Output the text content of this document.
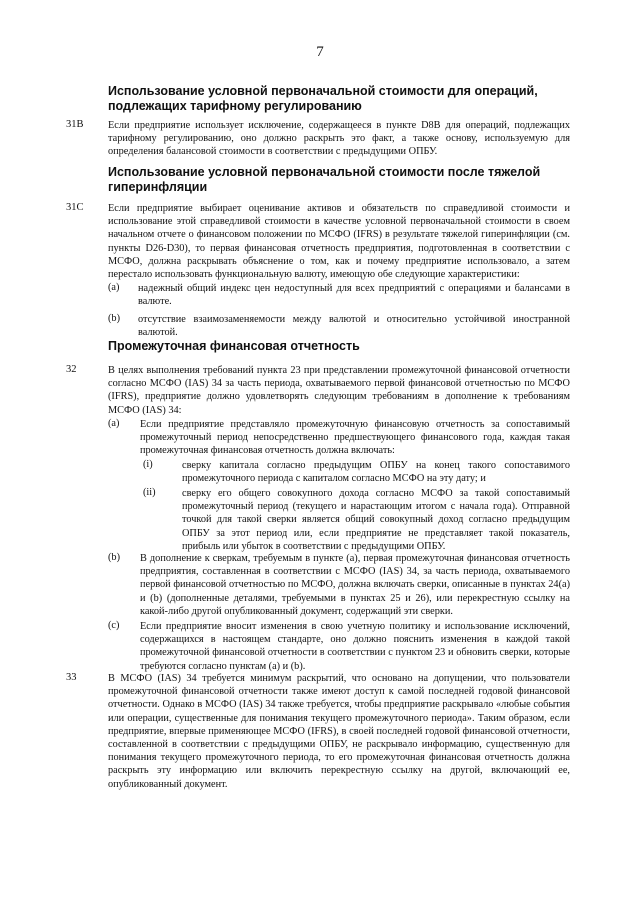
7
Использование условной первоначальной стоимости для операций, подлежащих тарифному регулированию
31B Если предприятие использует исключение, содержащееся в пункте D8B для операций, подлежащих тарифному регулированию, оно должно раскрыть это факт, а также основу, используемую для определения балансовой стоимости в соответствии с предыдущими ОПБУ.
Использование условной первоначальной стоимости после тяжелой гиперинфляции
31C Если предприятие выбирает оценивание активов и обязательств по справедливой стоимости и использование этой справедливой стоимости в качестве условной первоначальной стоимости в своем начальном отчете о финансовом положении по МСФО (IFRS) в результате тяжелой гиперинфляции (см. пункты D26-D30), то первая финансовая отчетность предприятия, подготовленная в соответствии с МСФО, должна раскрывать объяснение о том, как и почему предприятие использовало, а затем перестало использовать функциональную валюту, имеющую обе следующие характеристики:
(a) надежный общий индекс цен недоступный для всех предприятий с операциями и балансами в валюте.
(b) отсутствие взаимозаменяемости между валютой и относительно устойчивой иностранной валютой.
Промежуточная финансовая отчетность
32	В целях выполнения требований пункта 23 при представлении промежуточной финансовой отчетности согласно МСФО (IAS) 34 за часть периода, охватываемого первой финансовой отчетностью по МСФО (IFRS), предприятие должно удовлетворять следующим требованиям в дополнение к требованиям МСФО (IAS) 34:
(a) Если предприятие представляло промежуточную финансовую отчетность за сопоставимый промежуточный период непосредственно предшествующего финансового года, каждая такая промежуточная финансовая отчетность должна включать:
(i)	сверку капитала согласно предыдущим ОПБУ на конец такого сопоставимого промежуточного периода с капиталом согласно МСФО на эту дату; и
(ii)	сверку его общего совокупного дохода согласно МСФО за такой сопоставимый промежуточный период (текущего и нарастающим итогом с начала года). Отправной точкой для такой сверки является общий совокупный доход согласно предыдущим ОПБУ за этот период или, если предприятие не представляет такой показатель, прибыль или убыток в соответствии с предыдущими ОПБУ.
(b) В дополнение к сверкам, требуемым в пункте (а), первая промежуточная финансовая отчетность предприятия, составленная в соответствии с МСФО (IAS) 34, за часть периода, охватываемого первой финансовой отчетностью по МСФО, должна включать сверки, описанные в пунктах 24(а) и (b) (дополненные деталями, требуемыми в пунктах 25 и 26), или перекрестную ссылку на какой-либо другой опубликованный документ, содержащий эти сверки.
(c) Если предприятие вносит изменения в свою учетную политику и использование исключений, содержащихся в настоящем стандарте, оно должно пояснить изменения в каждой такой промежуточной финансовой отчетности в соответствии с пунктом 23 и обновить сверки, которые требуются согласно пунктам (а) и (b).
33	В МСФО (IAS) 34 требуется минимум раскрытий, что основано на допущении, что пользователи промежуточной финансовой отчетности также имеют доступ к самой последней годовой финансовой отчетности. Однако в МСФО (IAS) 34 также требуется, чтобы предприятие раскрывало «любые события или операции, существенные для понимания текущего промежуточного периода». Таким образом, если предприятие, впервые применяющее МСФО (IFRS), в своей последней годовой финансовой отчетности, составленной в соответствии с предыдущими ОПБУ, не раскрывало информацию, существенную для понимания текущего промежуточного периода, то его промежуточная финансовая отчетность должна раскрыть эту информацию или включить перекрестную ссылку на другой, включающий ее, опубликованный документ.
